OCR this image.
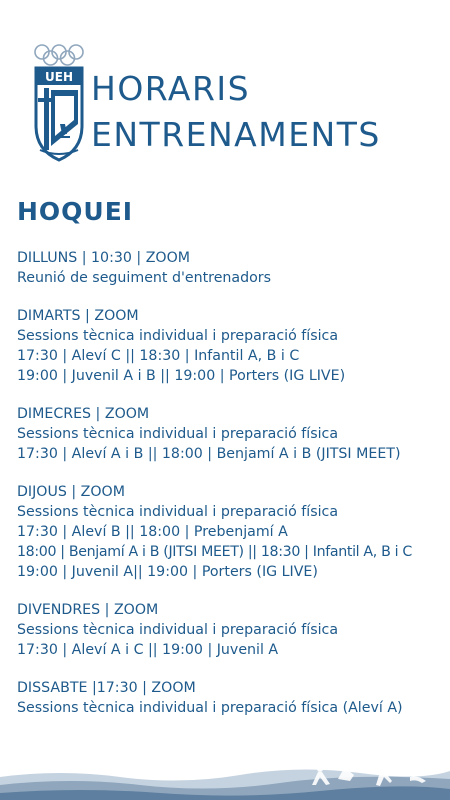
UEH HORARIS
ENTRENAMENTS
HOQUEI
DILLUNS | 10:30 | ZOOM
Reunió de seguiment d'entrenadors
DIMARTS | ZOOM
Sessions tècnica individual i preparació física
17:30 | Aleví C || 18:30 | Infantil A, B i C
19:00 | Juvenil A i B || 19:00 | Porters (IG LIVE)
DIMECRES | ZOOM
Sessions tècnica individual i preparació física
17:30 | Aleví A i B || 18:00 | Benjamí A i B (JITSI MEET)
DIJOUS | ZOOM
Sessions tècnica individual i preparació física
17:30 | Aleví B || 18:00 | Prebenjamí A
18:00 | Benjamí A i B (JITSI MEET) || 18:30 | Infantil A, B i C
19:00 | Juvenil A|| 19:00 | Porters (IG LIVE)
DIVENDRES | ZOOM
Sessions tècnica individual i preparació física
17:30 | Aleví A i C || 19:00 | Juvenil A
DISSABTE |17:30 | ZOOM
Sessions tècnica individual i preparació física (Aleví A)
